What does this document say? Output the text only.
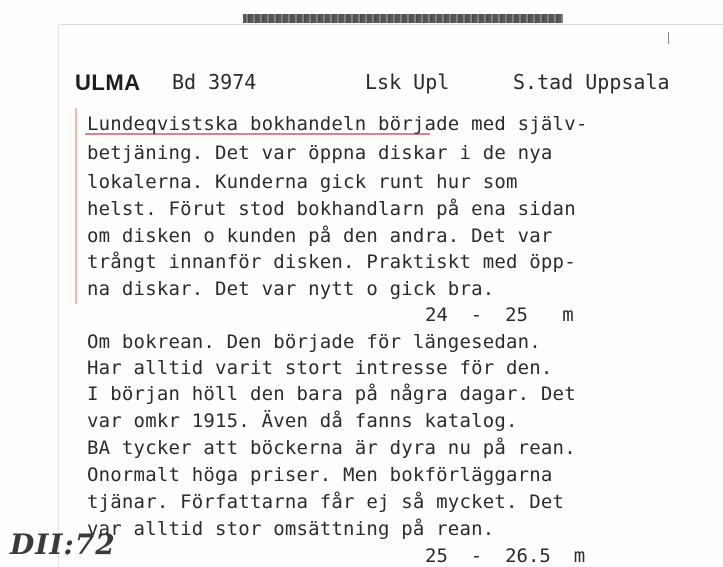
ULMA Bd 3974	Lsk Upl	S.tad Uppsala
Lundeqvistska bokhandeln började med själv-
betjäning. Det var öppna diskar i de nya
lokalerna. Kunderna gick runt hur som
helst. Förut stod bokhandlarn på ena sidan
om disken o kunden på den andra. Det var
trångt innanför disken. Praktiskt med öpp-
na diskar. Det var nytt o gick bra.
24  -  25   m
Om bokrean. Den började för längesedan.
Har alltid varit stort intresse för den.
I början höll den bara på några dagar. Det
var omkr 1915. Även då fanns katalog.
BA tycker att böckerna är dyra nu på rean.
Onormalt höga priser. Men bokförläggarna
tjänar. Författarna får ej så mycket. Det
var alltid stor omsättning på rean.
25  -  26.5  m
DII:72
